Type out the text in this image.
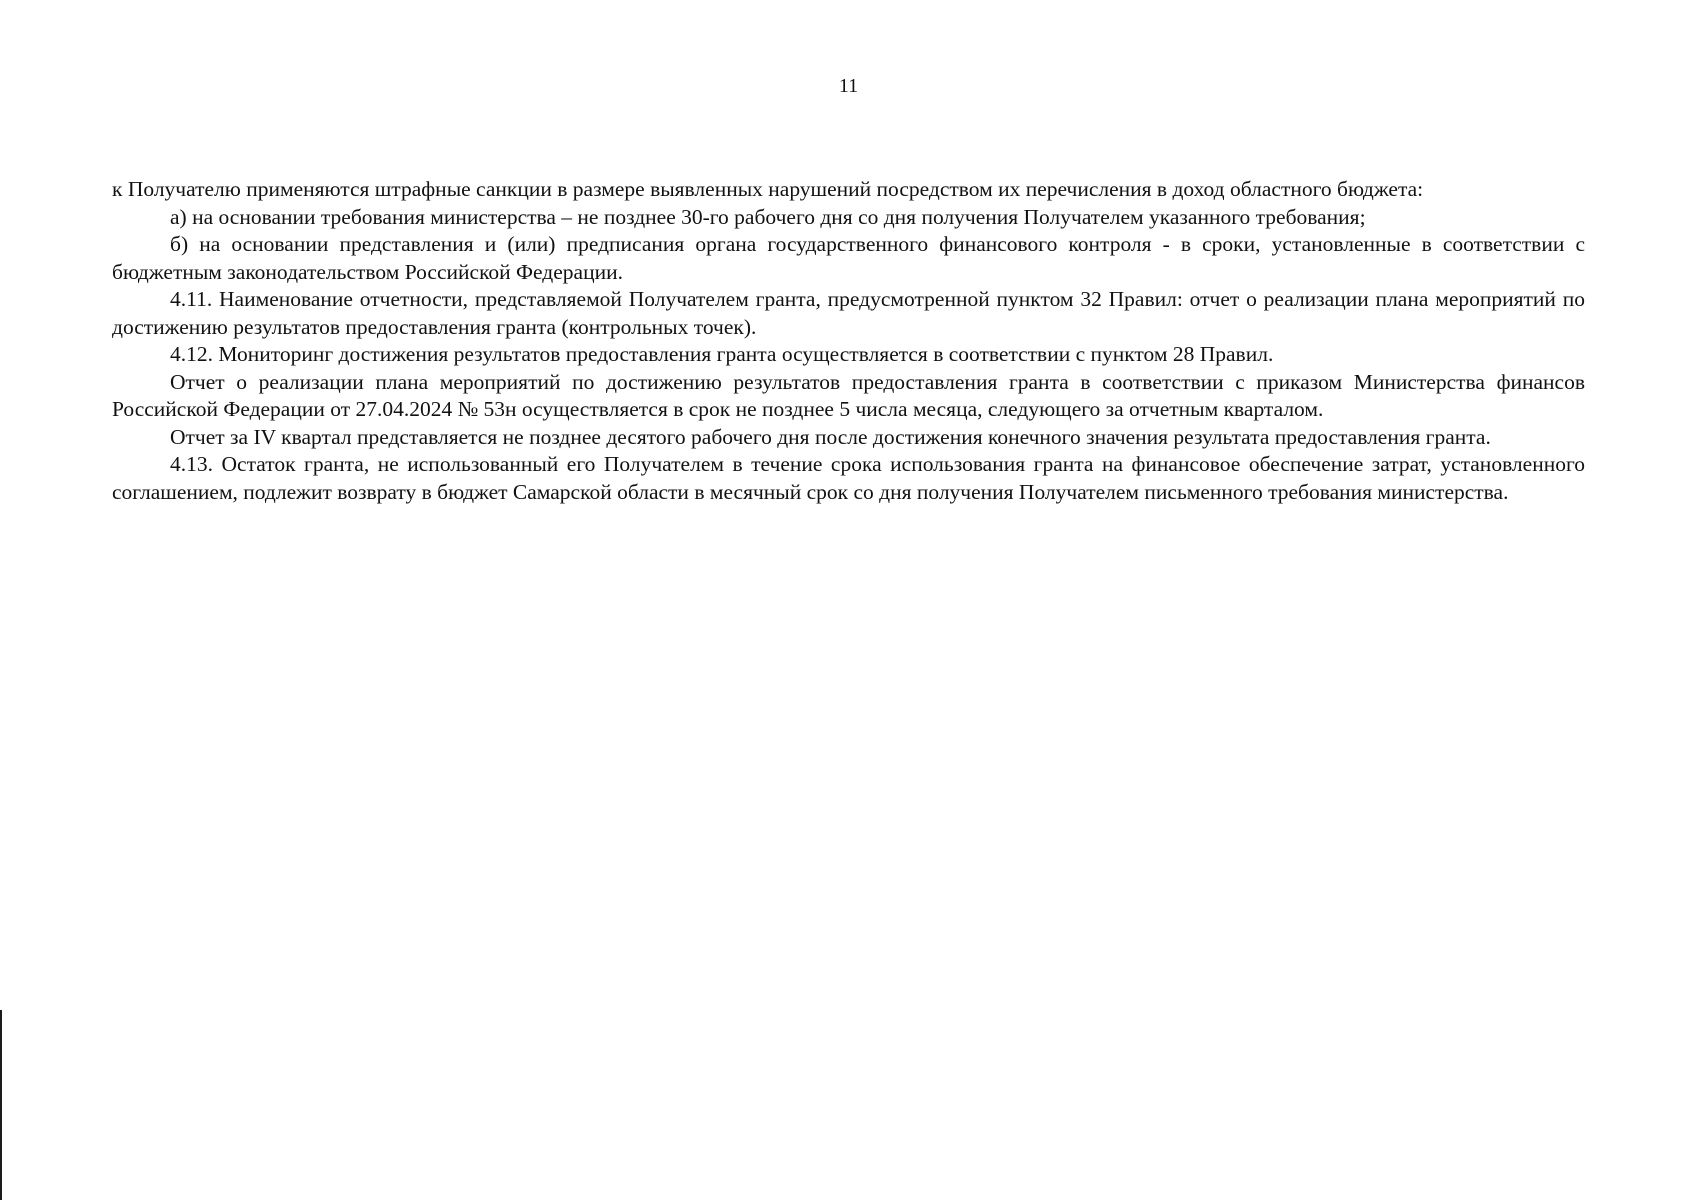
11

к Получателю применяются штрафные санкции в размере выявленных нарушений посредством их перечисления в доход областного бюджета:

а) на основании требования министерства – не позднее 30-го рабочего дня со дня получения Получателем указанного требования;

б) на основании представления и (или) предписания органа государственного финансового контроля - в сроки, установленные в соответствии с бюджетным законодательством Российской Федерации.

4.11. Наименование отчетности, представляемой Получателем гранта, предусмотренной пунктом 32 Правил: отчет о реализации плана мероприятий по достижению результатов предоставления гранта (контрольных точек).

4.12. Мониторинг достижения результатов предоставления гранта осуществляется в соответствии с пунктом 28 Правил.

Отчет о реализации плана мероприятий по достижению результатов предоставления гранта в соответствии с приказом Министерства финансов Российской Федерации от 27.04.2024 № 53н осуществляется в срок не позднее 5 числа месяца, следующего за отчетным кварталом.

Отчет за IV квартал представляется не позднее десятого рабочего дня после достижения конечного значения результата предоставления гранта.

4.13. Остаток гранта, не использованный его Получателем в течение срока использования гранта на финансовое обеспечение затрат, установленного соглашением, подлежит возврату в бюджет Самарской области в месячный срок со дня получения Получателем письменного требования министерства.
